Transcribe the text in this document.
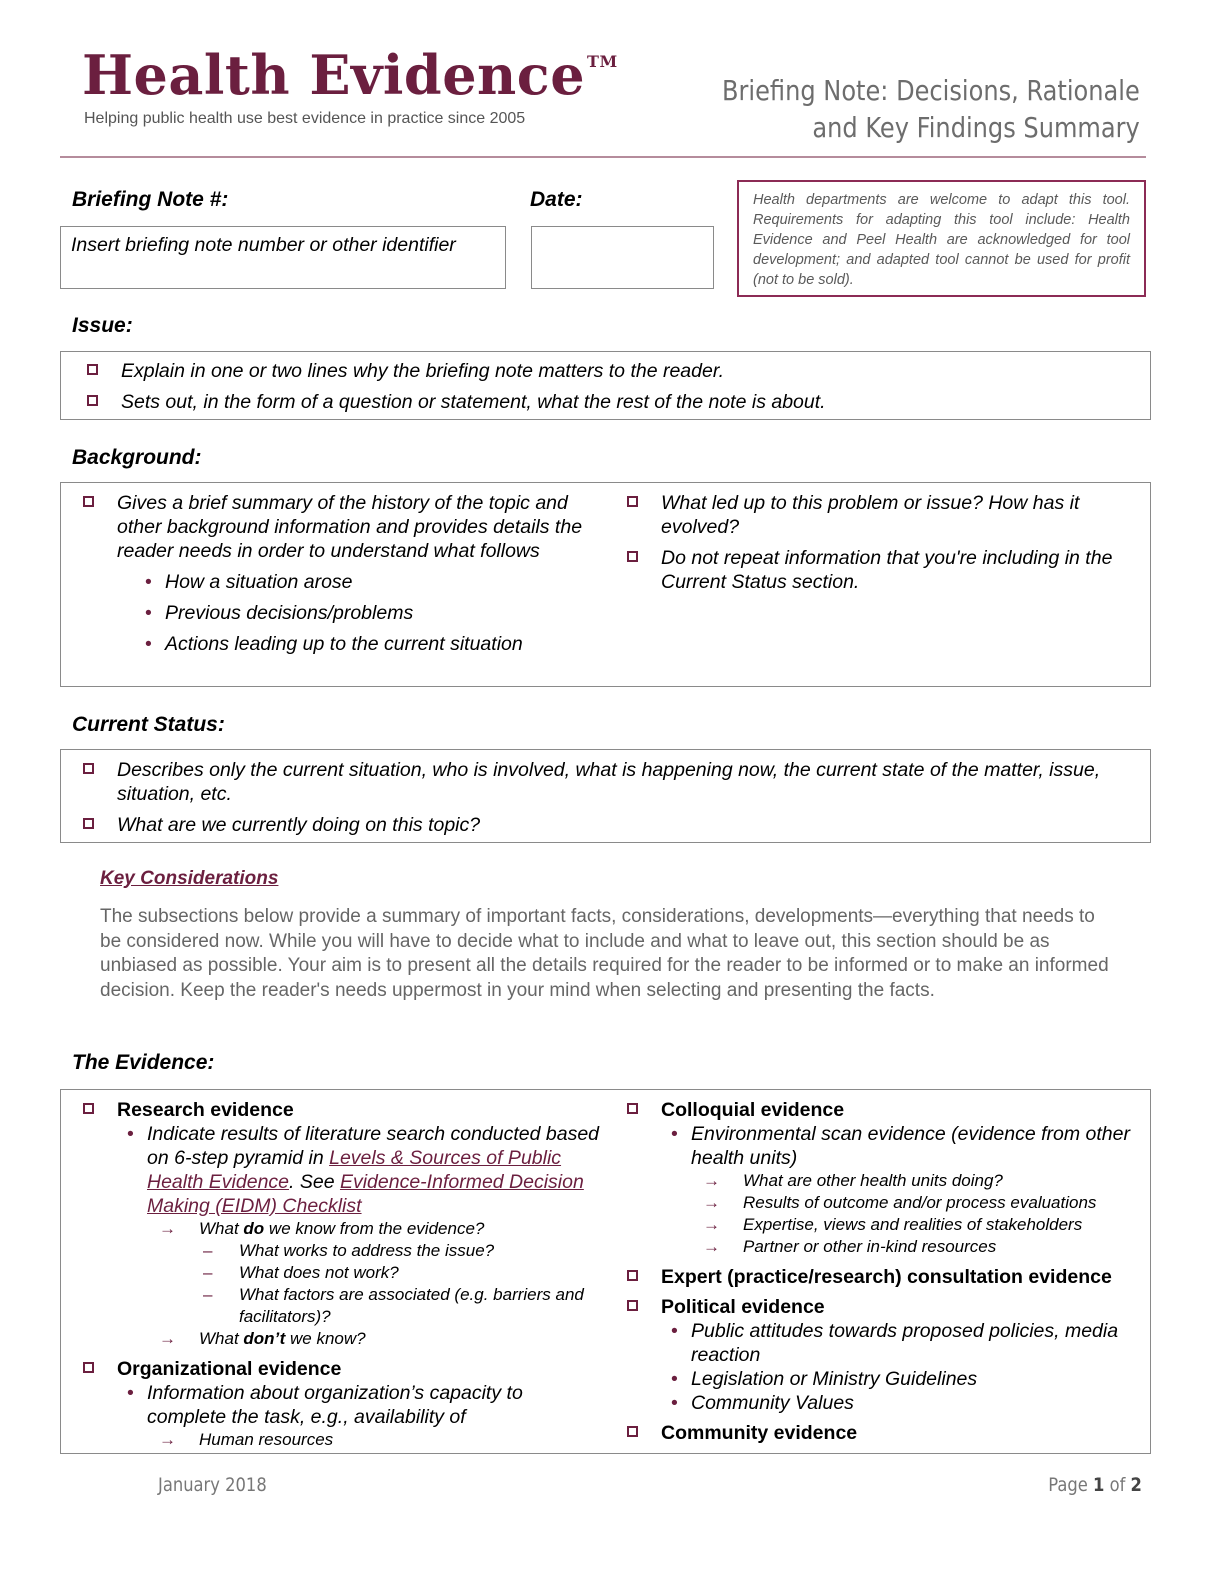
Health Evidence ™
Helping public health use best evidence in practice since 2005
Briefing Note: Decisions, Rationale
and Key Findings Summary
Briefing Note #:
Insert briefing note number or other identifier
Date:	Health departments are welcome to adapt this tool. Requirements for adapting this tool include: Health Evidence and Peel Health are acknowledged for tool development; and adapted tool cannot be used for profit (not to be sold).
Issue:
Explain in one or two lines why the briefing note matters to the reader.
Sets out, in the form of a question or statement, what the rest of the note is about.
Background:
Gives a brief summary of the history of the topic and other background information and provides details the reader needs in order to understand what follows
• How a situation arose
• Previous decisions/problems
• Actions leading up to the current situation
What led up to this problem or issue? How has it evolved?
Do not repeat information that you're including in the Current Status section.
Current Status:
Describes only the current situation, who is involved, what is happening now, the current state of the matter, issue, situation, etc.
What are we currently doing on this topic?
Key Considerations
The subsections below provide a summary of important facts, considerations, developments—everything that needs to be considered now. While you will have to decide what to include and what to leave out, this section should be as unbiased as possible. Your aim is to present all the details required for the reader to be informed or to make an informed decision. Keep the reader's needs uppermost in your mind when selecting and presenting the facts.
The Evidence:
Research evidence
• Indicate results of literature search conducted based on 6-step pyramid in Levels & Sources of Public Health Evidence. See Evidence-Informed Decision Making (EIDM) Checklist
→ What do we know from the evidence?
– What works to address the issue?
– What does not work?
– What factors are associated (e.g. barriers and facilitators)?
→ What don’t we know?
Organizational evidence
• Information about organization’s capacity to complete the task, e.g., availability of
→ Human resources
Colloquial evidence
• Environmental scan evidence (evidence from other health units)
→ What are other health units doing?
→ Results of outcome and/or process evaluations
→ Expertise, views and realities of stakeholders
→ Partner or other in-kind resources
Expert (practice/research) consultation evidence
Political evidence
• Public attitudes towards proposed policies, media reaction
• Legislation or Ministry Guidelines
• Community Values
Community evidence
January 2018	Page 1 of 2
